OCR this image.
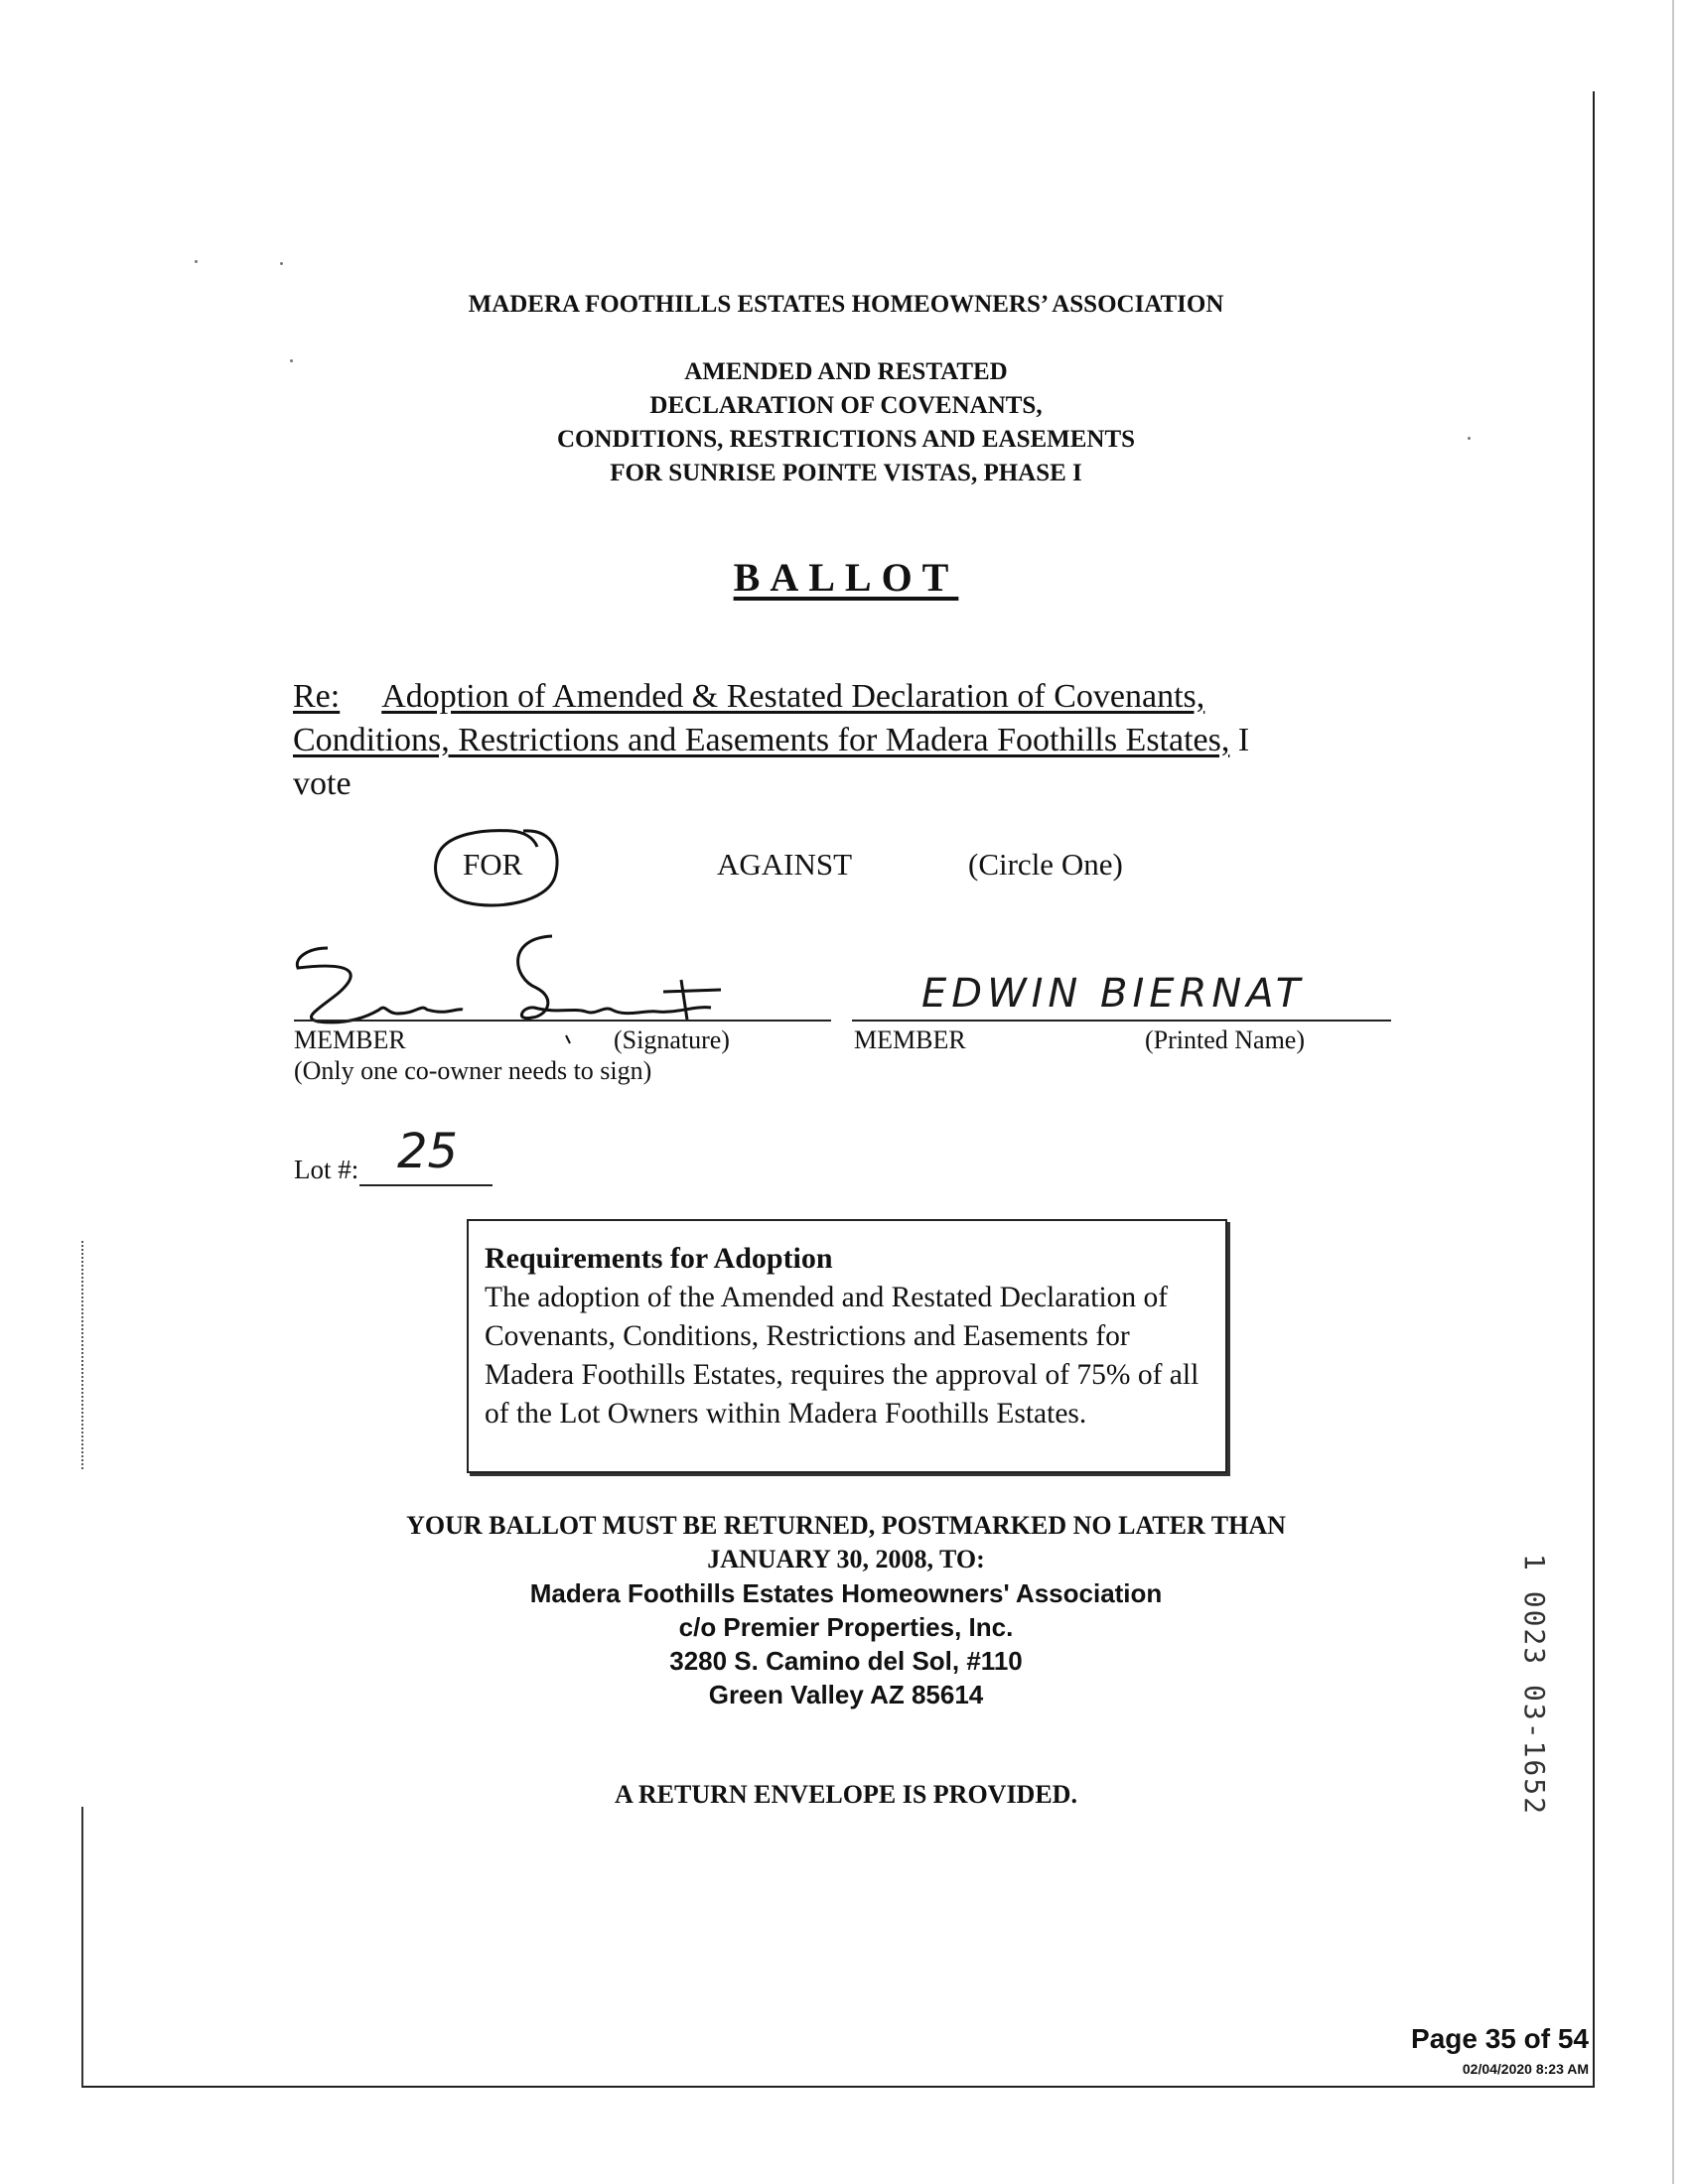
MADERA FOOTHILLS ESTATES HOMEOWNERS’ ASSOCIATION
AMENDED AND RESTATED
DECLARATION OF COVENANTS,
CONDITIONS, RESTRICTIONS AND EASEMENTS
FOR SUNRISE POINTE VISTAS, PHASE I
BALLOT
Re: Adoption of Amended & Restated Declaration of Covenants,
Conditions, Restrictions and Easements for Madera Foothills Estates, I
vote
FOR	AGAINST	(Circle One)
EDWIN BIERNAT
MEMBER	(Signature)	MEMBER	(Printed Name)
(Only one co-owner needs to sign)
Lot #: 25
Requirements for Adoption
The adoption of the Amended and Restated Declaration of Covenants, Conditions, Restrictions and Easements for Madera Foothills Estates, requires the approval of 75% of all of the Lot Owners within Madera Foothills Estates.
YOUR BALLOT MUST BE RETURNED, POSTMARKED NO LATER THAN
JANUARY 30, 2008, TO:
Madera Foothills Estates Homeowners' Association
c/o Premier Properties, Inc.
3280 S. Camino del Sol, #110
Green Valley AZ 85614
A RETURN ENVELOPE IS PROVIDED.	1 0023 03-1652
Page 35 of 54
02/04/2020 8:23 AM
